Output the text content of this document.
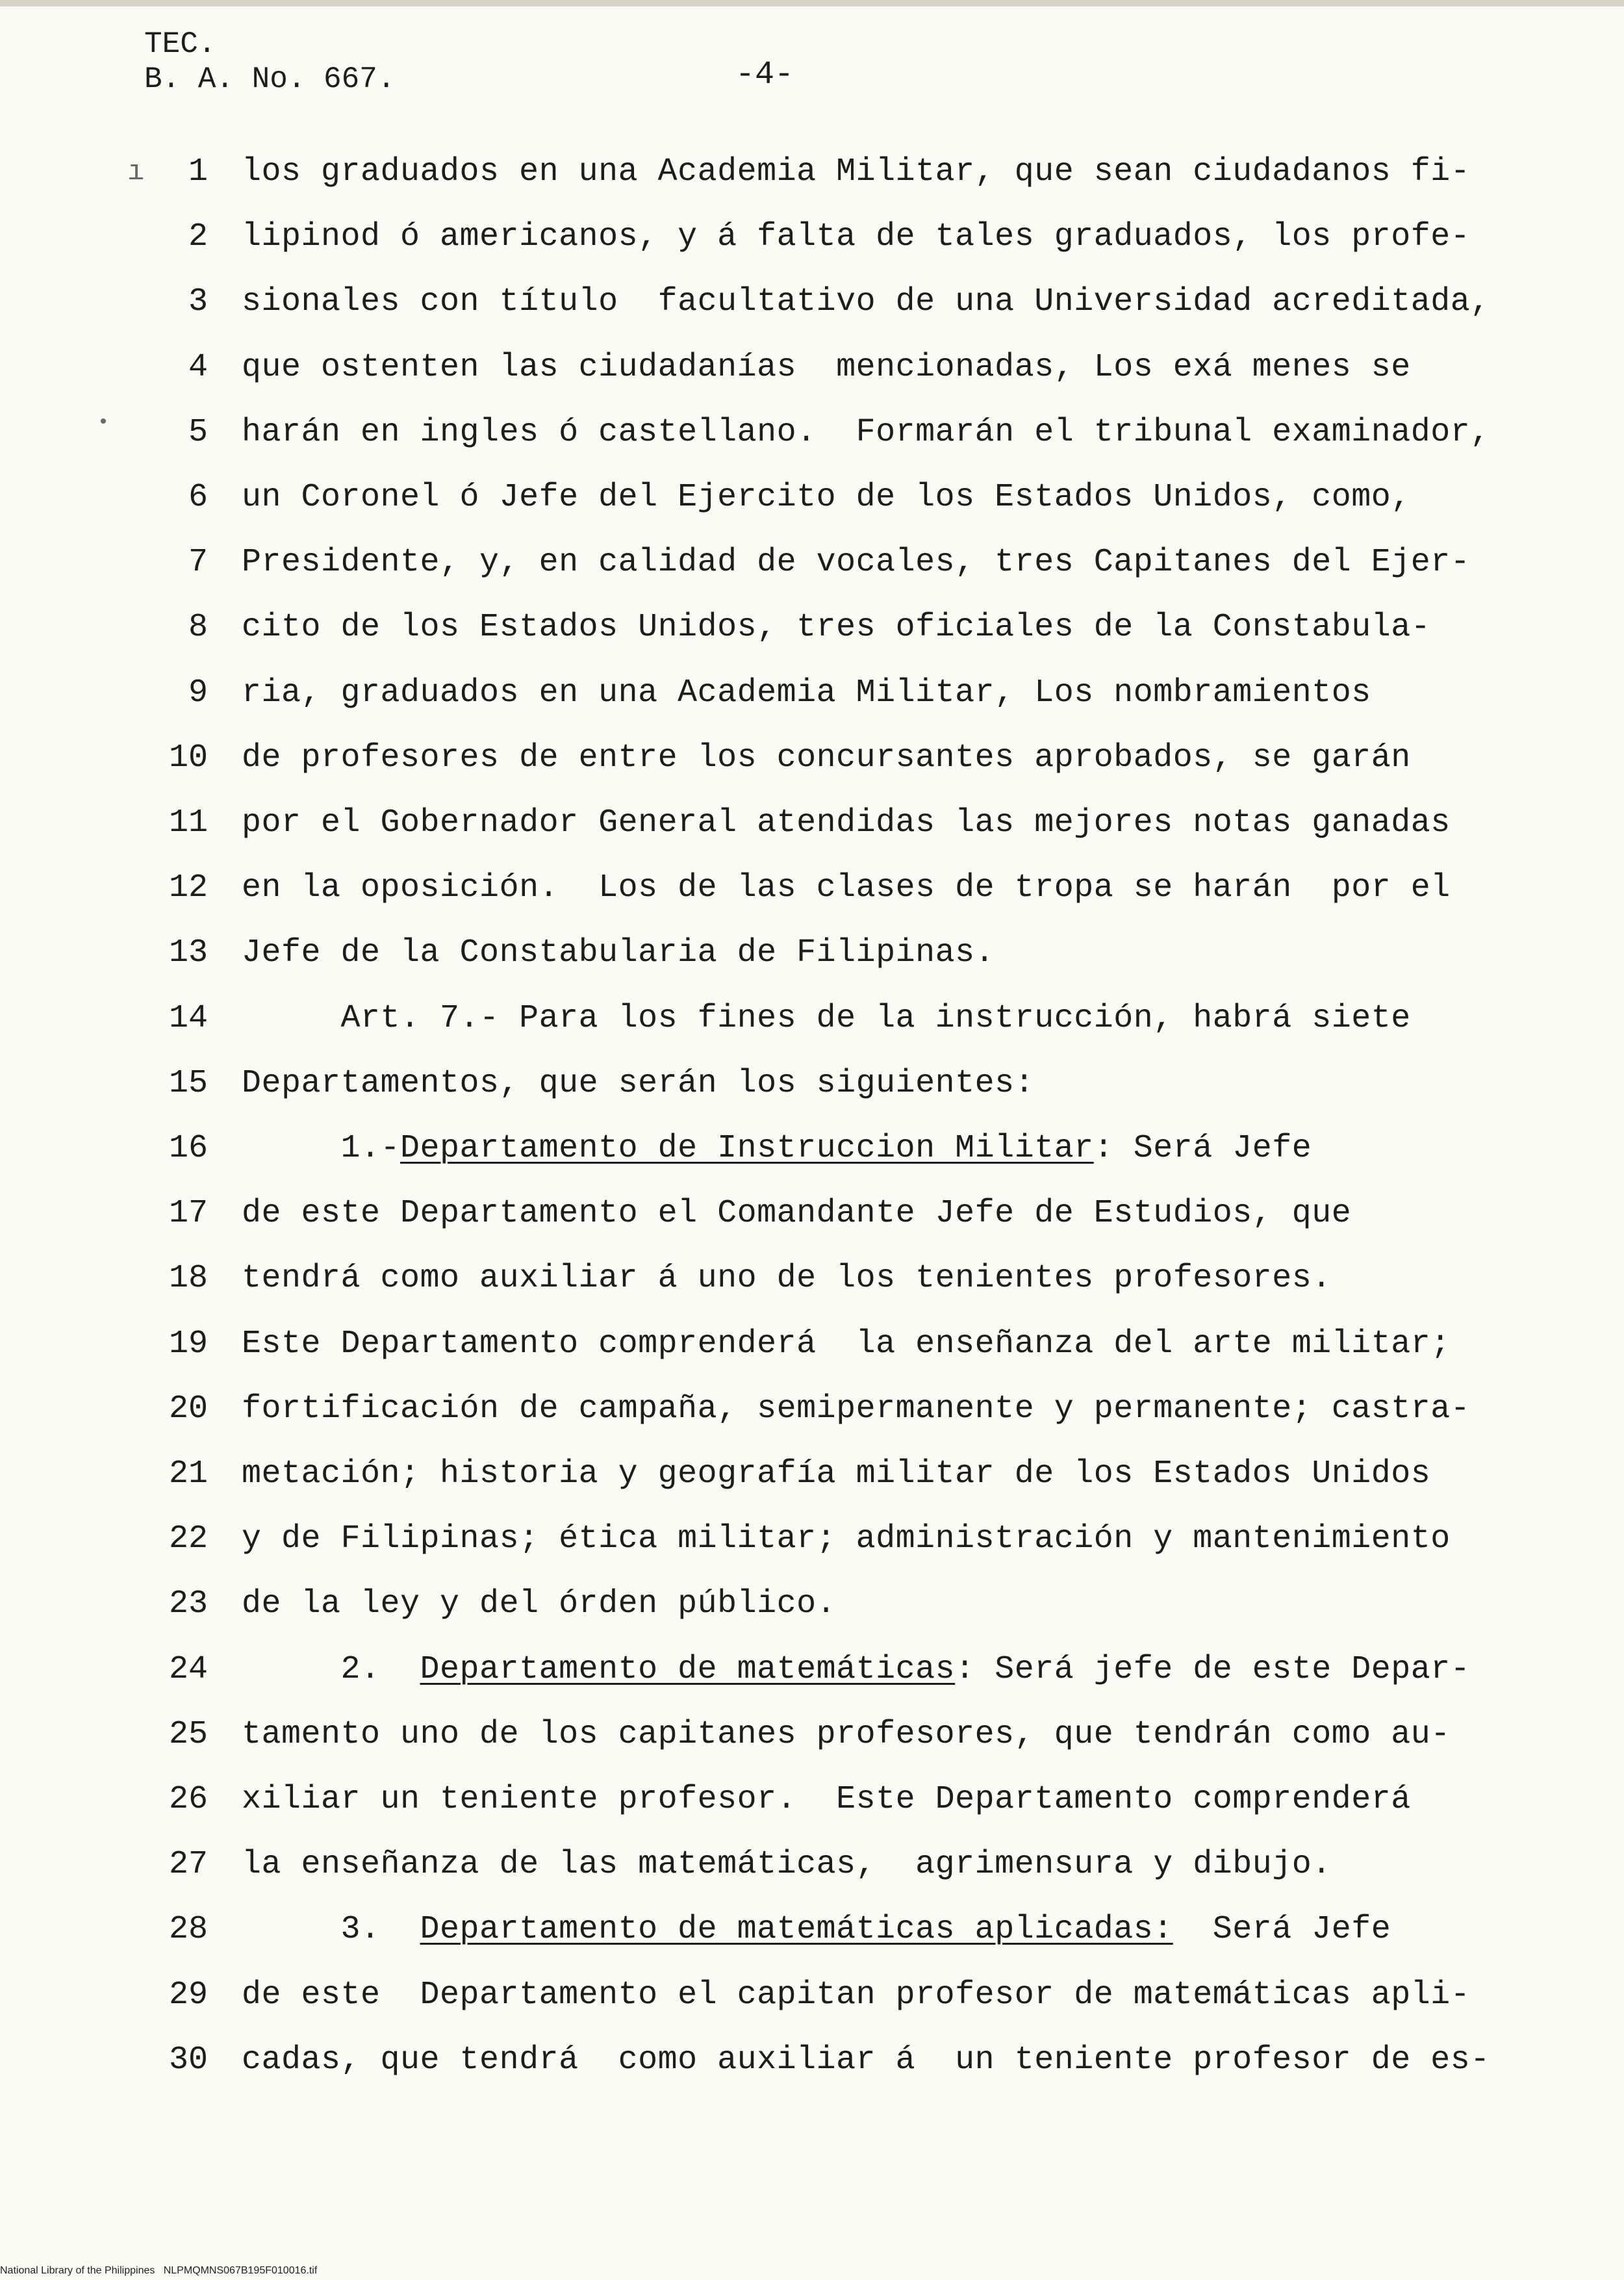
TEC.
B. A. No. 667.	-4-
ı
•
1 los graduados en una Academia Militar, que sean ciudadanos fi-
2 lipinod ó americanos, y á falta de tales graduados, los profe-
3 sionales con título  facultativo de una Universidad acreditada,
4 que ostenten las ciudadanías  mencionadas, Los exá menes se
5 harán en ingles ó castellano.  Formarán el tribunal examinador,
6 un Coronel ó Jefe del Ejercito de los Estados Unidos, como,
7 Presidente, y, en calidad de vocales, tres Capitanes del Ejer-
8 cito de los Estados Unidos, tres oficiales de la Constabula-
9 ria, graduados en una Academia Militar, Los nombramientos
10 de profesores de entre los concursantes aprobados, se garán
11 por el Gobernador General atendidas las mejores notas ganadas
12 en la oposición.  Los de las clases de tropa se harán  por el
13 Jefe de la Constabularia de Filipinas.
14 Art. 7.- Para los fines de la instrucción, habrá siete
15 Departamentos, que serán los siguientes:
16 1.-Departamento de Instruccion Militar: Será Jefe
17 de este Departamento el Comandante Jefe de Estudios, que
18 tendrá como auxiliar á uno de los tenientes profesores.
19 Este Departamento comprenderá  la enseñanza del arte militar;
20 fortificación de campaña, semipermanente y permanente; castra-
21 metación; historia y geografía militar de los Estados Unidos
22 y de Filipinas; ética militar; administración y mantenimiento
23 de la ley y del órden público.
24 2.  Departamento de matemáticas: Será jefe de este Depar-
25 tamento uno de los capitanes profesores, que tendrán como au-
26 xiliar un teniente profesor.  Este Departamento comprenderá
27 la enseñanza de las matemáticas,  agrimensura y dibujo.
28 3.  Departamento de matemáticas aplicadas:  Será Jefe
29 de este  Departamento el capitan profesor de matemáticas apli-
30 cadas, que tendrá  como auxiliar á  un teniente profesor de es-
National Library of the Philippines NLPMQMNS067B195F010016.tif
